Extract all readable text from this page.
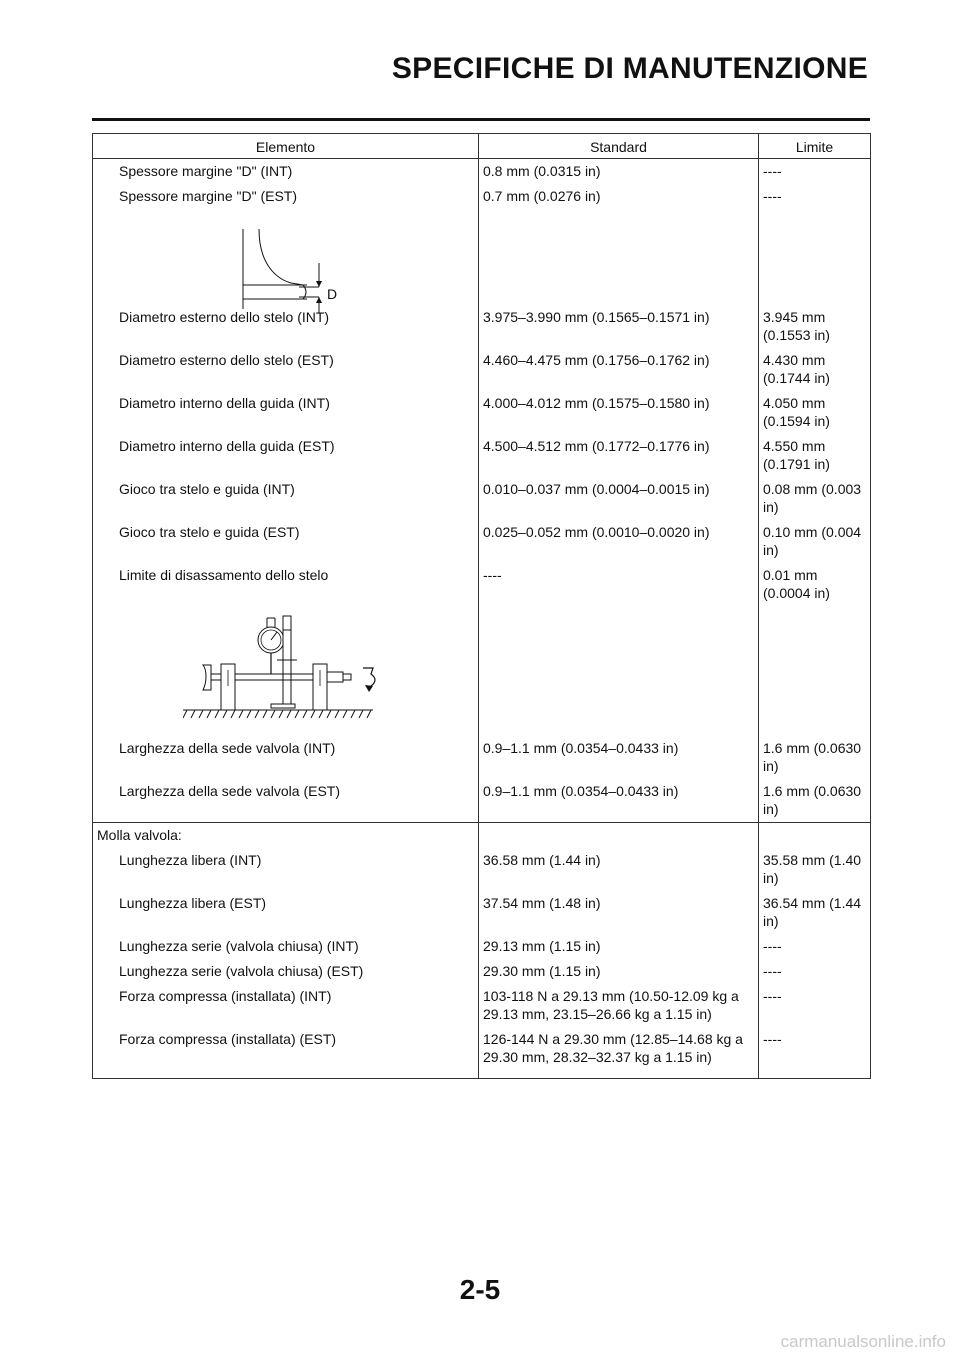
SPECIFICHE DI MANUTENZIONE
Elemento	Standard	Limite
Spessore margine "D" (INT)	0.8 mm (0.0315 in)	----
Spessore margine "D" (EST)	0.7 mm (0.0276 in)	----

D		

Diametro esterno dello stelo (INT)	3.975–3.990 mm (0.1565–0.1571 in)	3.945 mm (0.1553 in)
Diametro esterno dello stelo (EST)	4.460–4.475 mm (0.1756–0.1762 in)	4.430 mm (0.1744 in)
Diametro interno della guida (INT)	4.000–4.012 mm (0.1575–0.1580 in)	4.050 mm (0.1594 in)
Diametro interno della guida (EST)	4.500–4.512 mm (0.1772–0.1776 in)	4.550 mm (0.1791 in)
Gioco tra stelo e guida (INT)	0.010–0.037 mm (0.0004–0.0015 in)	0.08 mm (0.003 in)
Gioco tra stelo e guida (EST)	0.025–0.052 mm (0.0010–0.0020 in)	0.10 mm (0.004 in)
Limite di disassamento dello stelo	----	0.01 mm (0.0004 in)

Larghezza della sede valvola (INT)	0.9–1.1 mm (0.0354–0.0433 in)	1.6 mm (0.0630 in)
Larghezza della sede valvola (EST)	0.9–1.1 mm (0.0354–0.0433 in)	1.6 mm (0.0630 in)
Molla valvola:		
Lunghezza libera (INT)	36.58 mm (1.44 in)	35.58 mm (1.40 in)
Lunghezza libera (EST)	37.54 mm (1.48 in)	36.54 mm (1.44 in)
Lunghezza serie (valvola chiusa) (INT)	29.13 mm (1.15 in)	----
Lunghezza serie (valvola chiusa) (EST)	29.30 mm (1.15 in)	----
Forza compressa (installata) (INT)	103-118 N a 29.13 mm (10.50-12.09 kg a 29.13 mm, 23.15–26.66 kg a 1.15 in)	----
Forza compressa (installata) (EST)	126-144 N a 29.30 mm (12.85–14.68 kg a 29.30 mm, 28.32–32.37 kg a 1.15 in)	----
2-5
carmanualsonline.info
